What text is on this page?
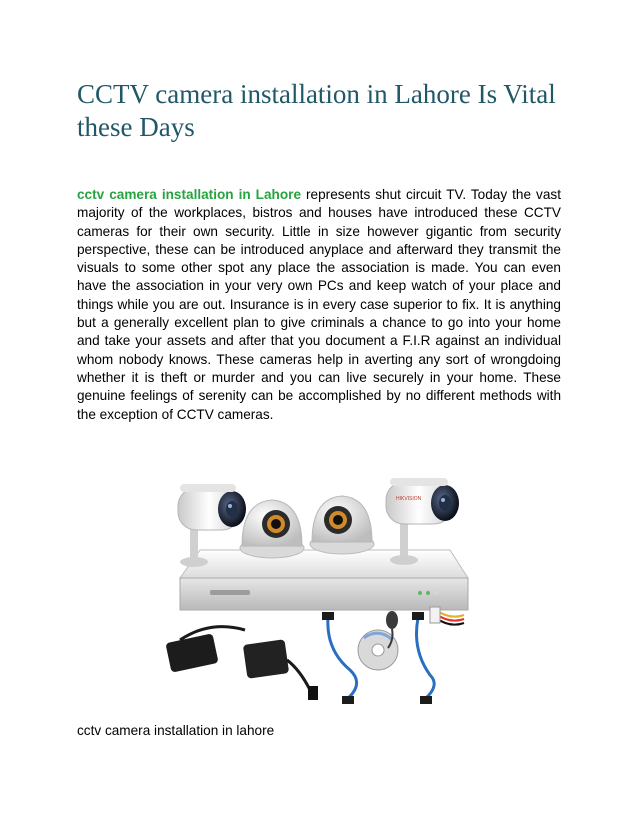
CCTV camera installation in Lahore Is Vital these Days

cctv camera installation in Lahore represents shut circuit TV. Today the vast majority of the workplaces, bistros and houses have introduced these CCTV cameras for their own security. Little in size however gigantic from security perspective, these can be introduced anyplace and afterward they transmit the visuals to some other spot any place the association is made. You can even have the association in your very own PCs and keep watch of your place and things while you are out. Insurance is in every case superior to fix. It is anything but a generally excellent plan to give criminals a chance to go into your home and take your assets and after that you document a F.I.R against an individual whom nobody knows. These cameras help in averting any sort of wrongdoing whether it is theft or murder and you can live securely in your home. These genuine feelings of serenity can be accomplished by no different methods with the exception of CCTV cameras.

HIKVISION

cctv camera installation in lahore
